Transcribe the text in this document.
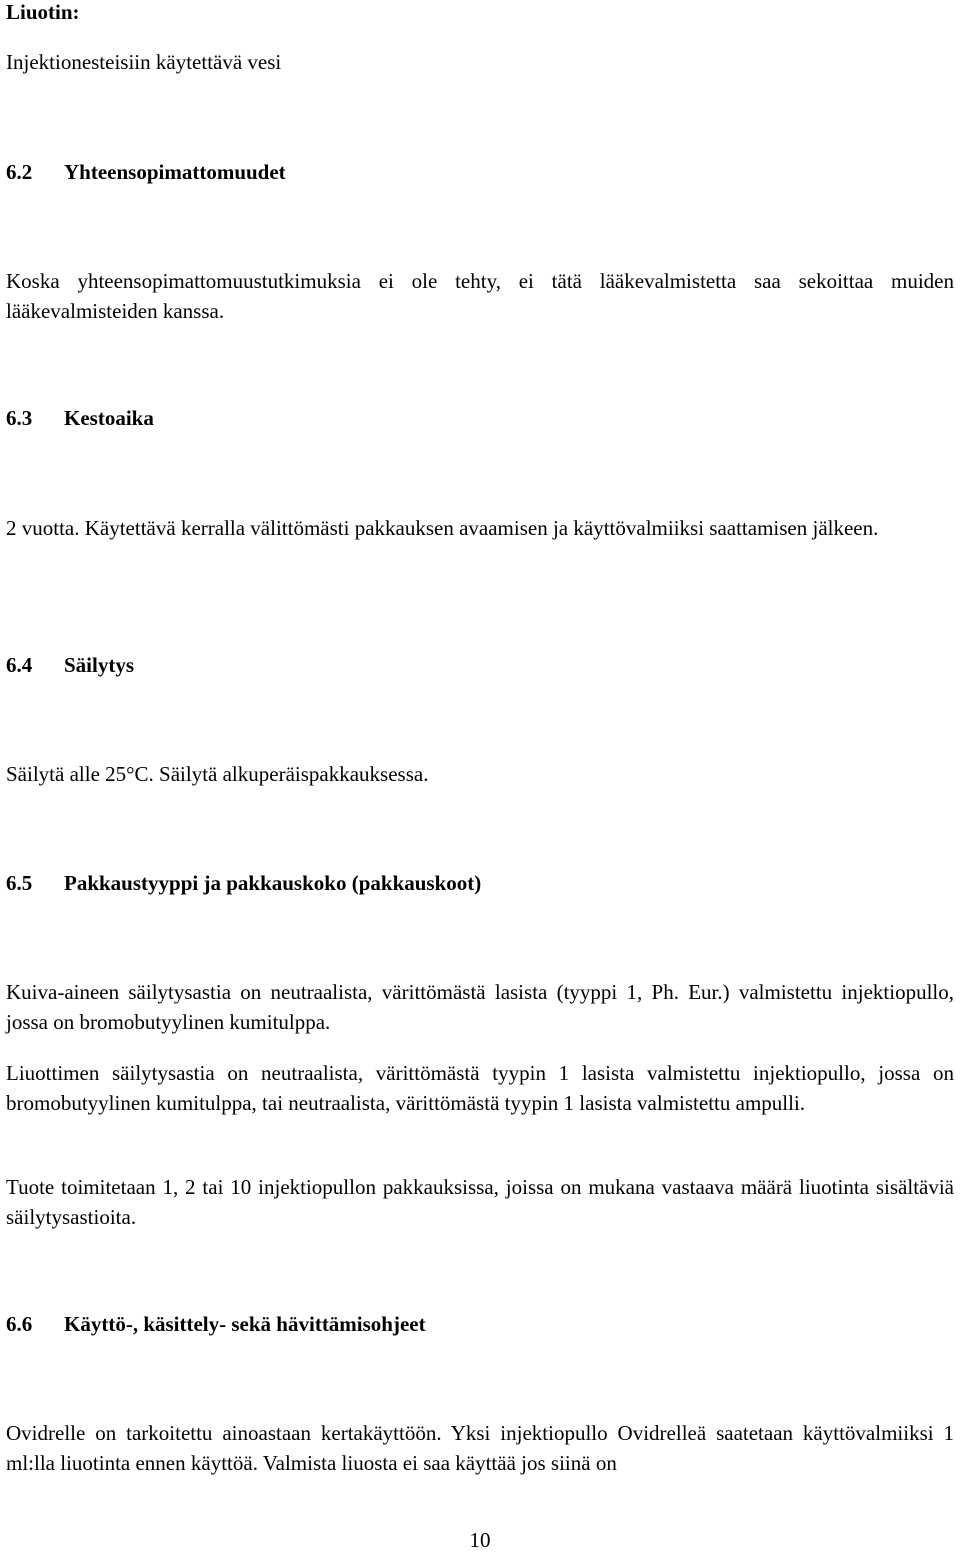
Liuotin:
Injektionesteisiin käytettävä vesi
6.2	Yhteensopimattomuudet

Koska yhteensopimattomuustutkimuksia ei ole tehty, ei tätä lääkevalmistetta saa sekoittaa muiden lääkevalmisteiden kanssa.

6.3	Kestoaika

2 vuotta. Käytettävä kerralla välittömästi pakkauksen avaamisen ja käyttövalmiiksi saattamisen jälkeen.

6.4	Säilytys

Säilytä alle 25°C. Säilytä alkuperäispakkauksessa.

6.5	Pakkaustyyppi ja pakkauskoko (pakkauskoot)

Kuiva-aineen säilytysastia on neutraalista, värittömästä lasista (tyyppi 1, Ph. Eur.) valmistettu injektiopullo, jossa on bromobutyylinen kumitulppa.

Liuottimen säilytysastia on neutraalista, värittömästä tyypin 1 lasista valmistettu injektiopullo, jossa on bromobutyylinen kumitulppa, tai neutraalista, värittömästä tyypin 1 lasista valmistettu ampulli.

Tuote toimitetaan 1, 2 tai 10 injektiopullon pakkauksissa, joissa on mukana vastaava määrä liuotinta sisältäviä säilytysastioita.

6.6	Käyttö-, käsittely- sekä hävittämisohjeet

Ovidrelle on tarkoitettu ainoastaan kertakäyttöön. Yksi injektiopullo Ovidrelleä saatetaan käyttövalmiiksi 1 ml:lla liuotinta ennen käyttöä. Valmista liuosta ei saa käyttää jos siinä on

10
